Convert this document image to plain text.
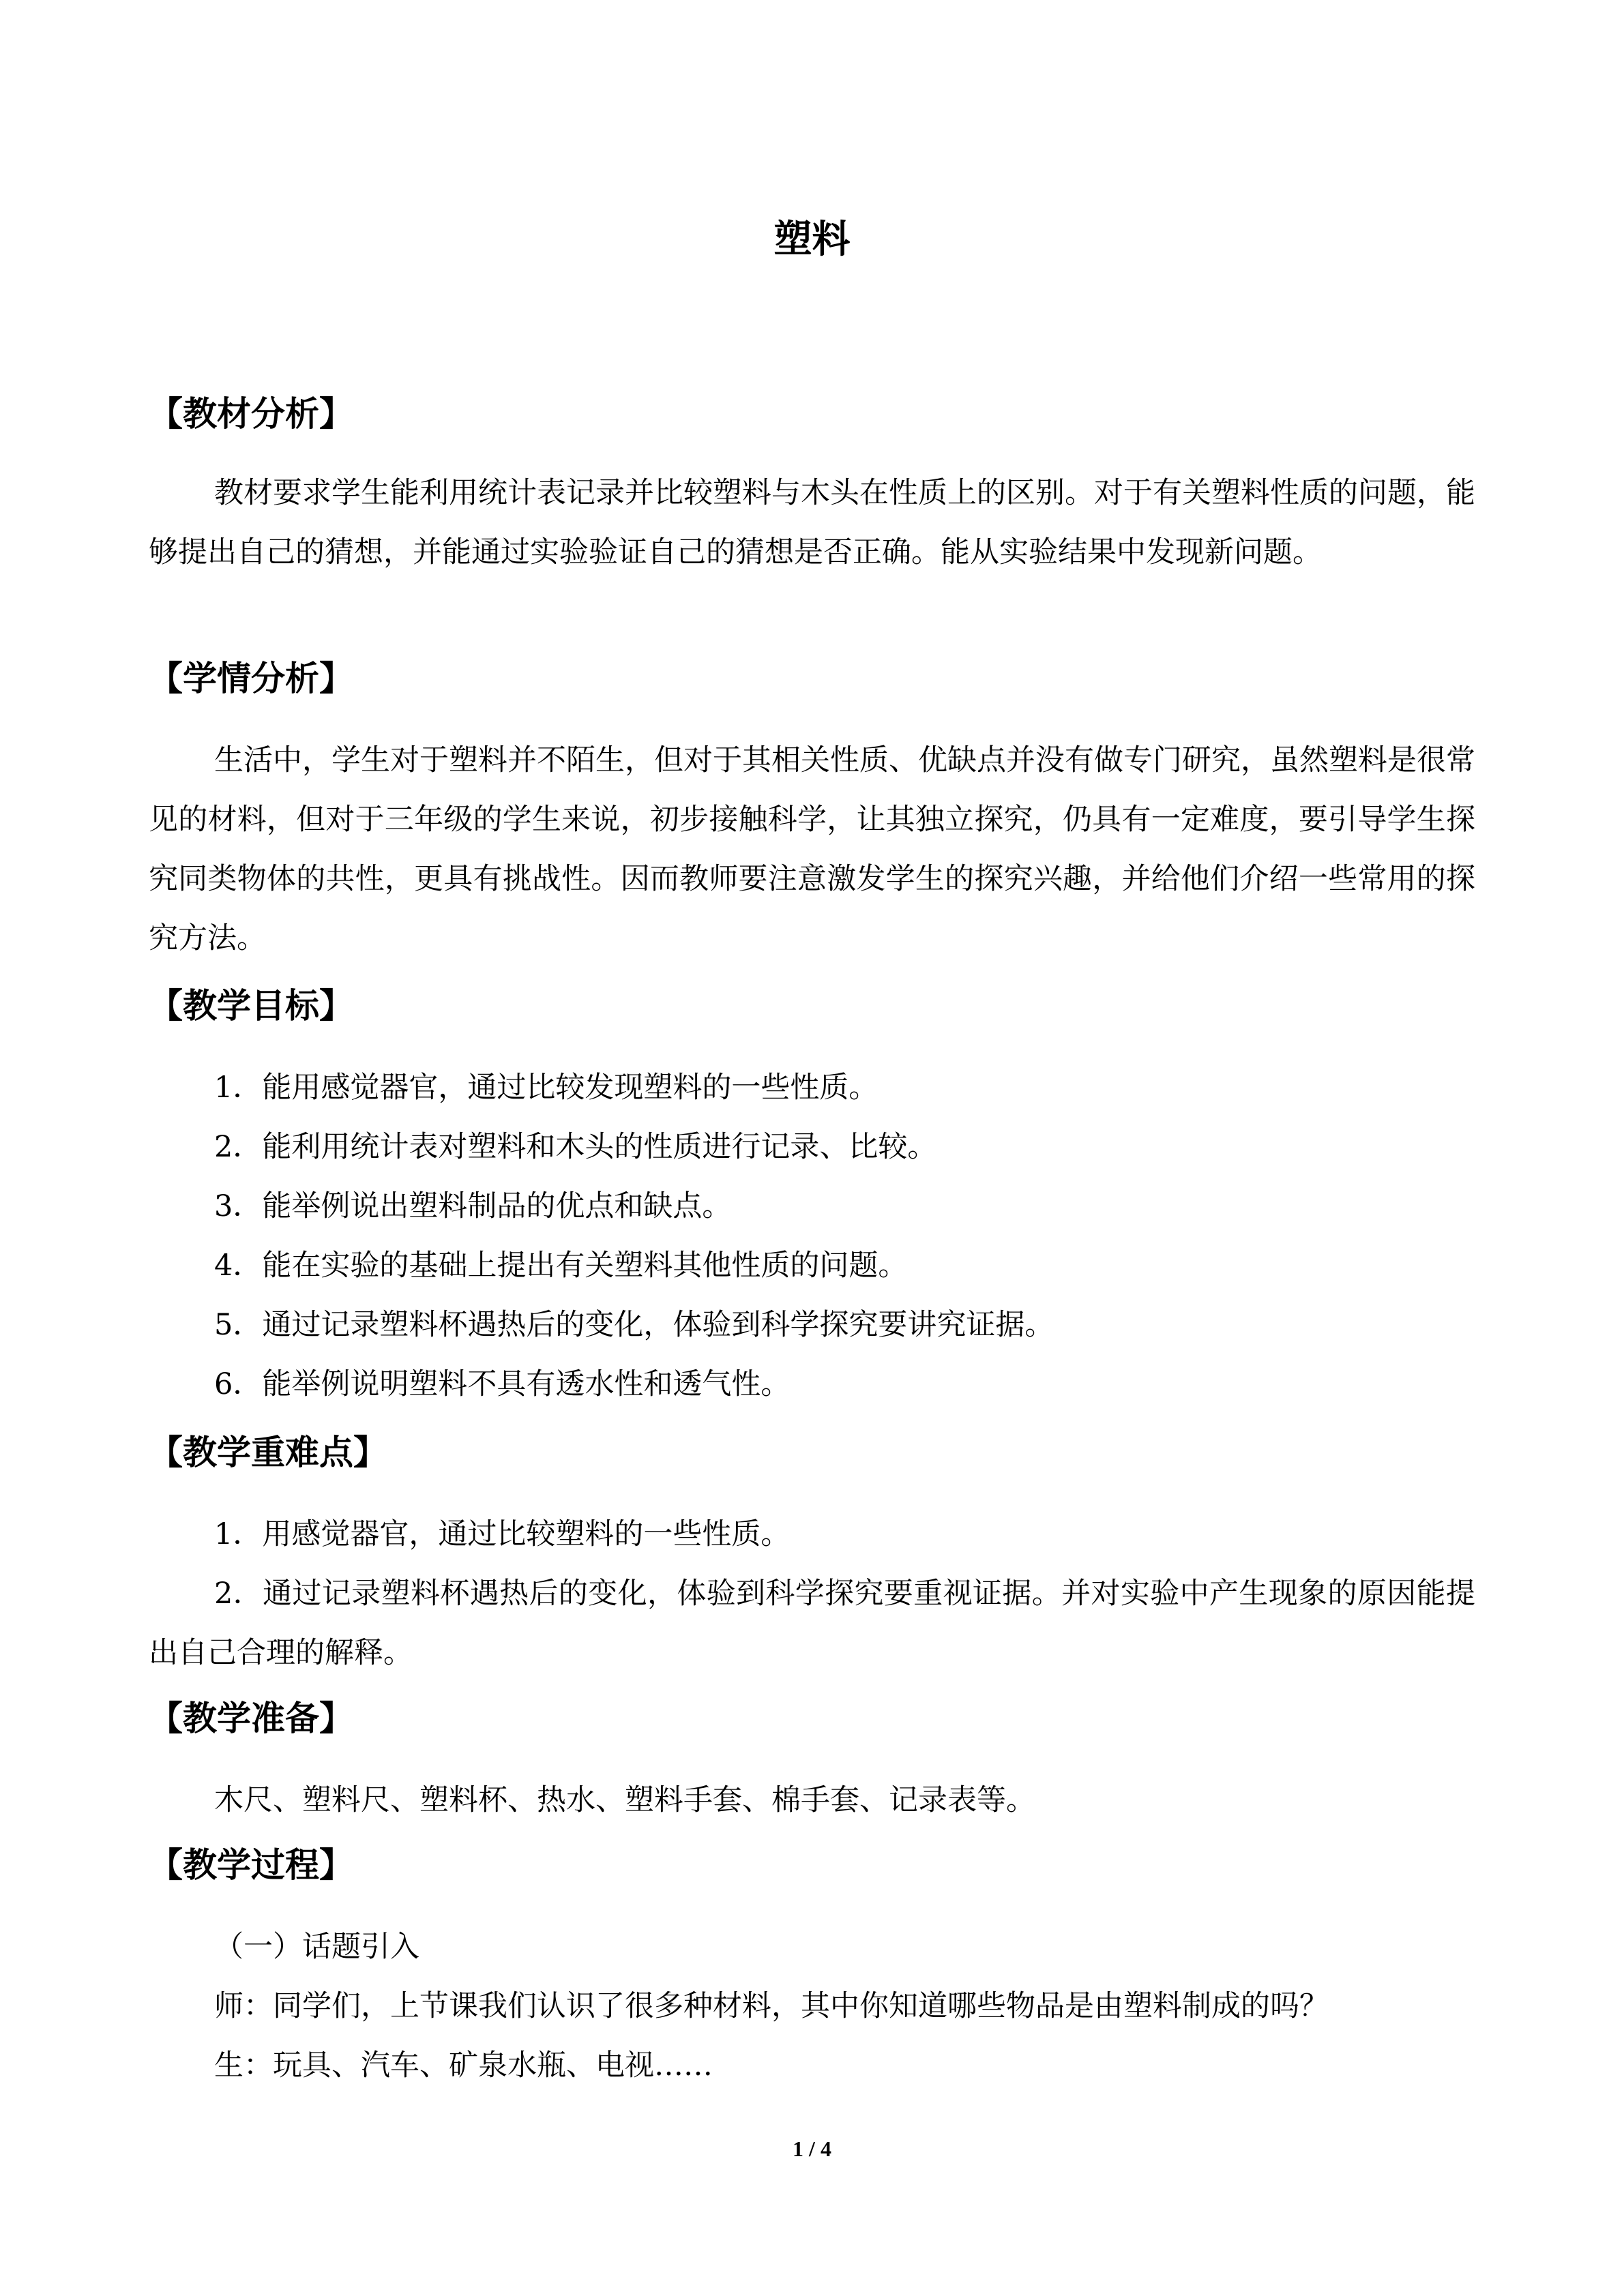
塑料
【教材分析】

教材要求学生能利用统计表记录并比较塑料与木头在性质上的区别。对于有关塑料性质的问题，能够提出自己的猜想，并能通过实验验证自己的猜想是否正确。能从实验结果中发现新问题。

【学情分析】

生活中，学生对于塑料并不陌生，但对于其相关性质、优缺点并没有做专门研究，虽然塑料是很常见的材料，但对于三年级的学生来说，初步接触科学，让其独立探究，仍具有一定难度，要引导学生探究同类物体的共性，更具有挑战性。因而教师要注意激发学生的探究兴趣，并给他们介绍一些常用的探究方法。

【教学目标】
1．能用感觉器官，通过比较发现塑料的一些性质。
2．能利用统计表对塑料和木头的性质进行记录、比较。
3．能举例说出塑料制品的优点和缺点。
4．能在实验的基础上提出有关塑料其他性质的问题。
5．通过记录塑料杯遇热后的变化，体验到科学探究要讲究证据。
6．能举例说明塑料不具有透水性和透气性。
【教学重难点】
1．用感觉器官，通过比较塑料的一些性质。

2．通过记录塑料杯遇热后的变化，体验到科学探究要重视证据。并对实验中产生现象的原因能提出自己合理的解释。

【教学准备】
木尺、塑料尺、塑料杯、热水、塑料手套、棉手套、记录表等。
【教学过程】
（一）话题引入
师：同学们，上节课我们认识了很多种材料，其中你知道哪些物品是由塑料制成的吗？
生：玩具、汽车、矿泉水瓶、电视……
1 / 4
